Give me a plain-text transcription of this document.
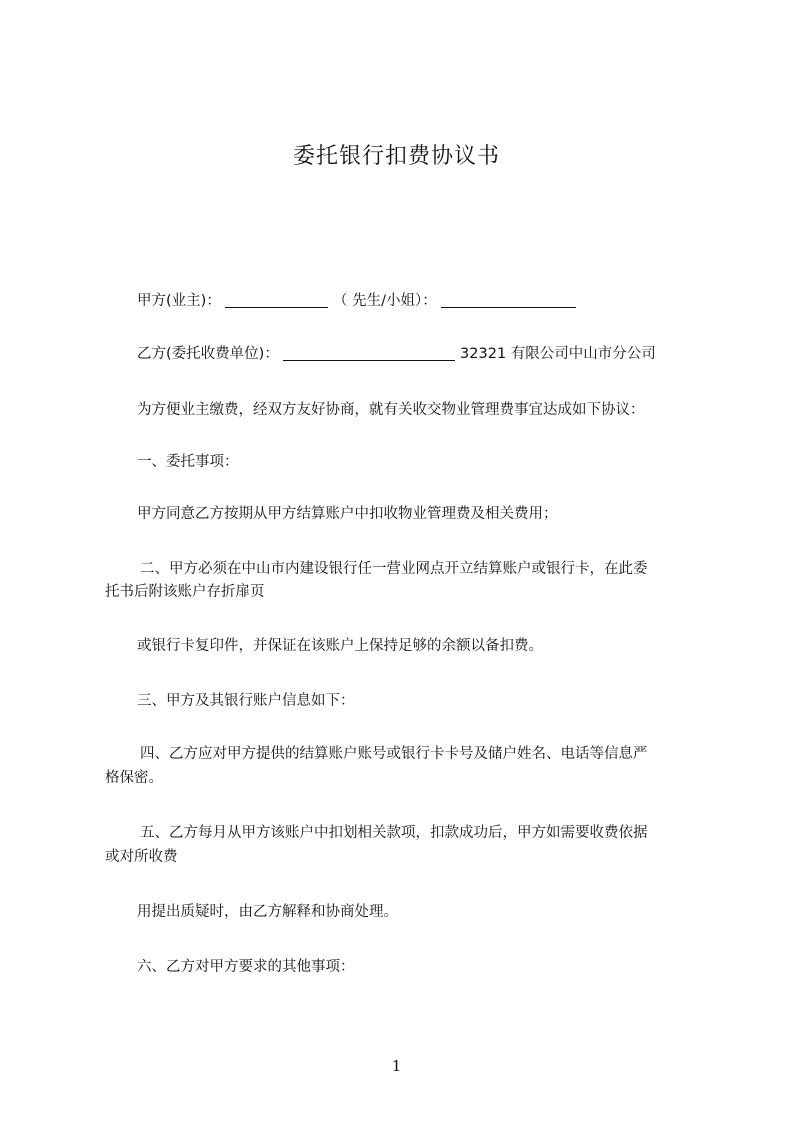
委托银行扣费协议书
甲方(业主)：	（ 先生/小姐）：
乙方(委托收费单位)：	32321 有限公司中山市分公司
为方便业主缴费，经双方友好协商，就有关收交物业管理费事宜达成如下协议：
一、委托事项：
甲方同意乙方按期从甲方结算账户中扣收物业管理费及相关费用；
二、甲方必须在中山市内建设银行任一营业网点开立结算账户或银行卡，在此委
托书后附该账户存折扉页
或银行卡复印件，并保证在该账户上保持足够的余额以备扣费。
三、甲方及其银行账户信息如下：
四、乙方应对甲方提供的结算账户账号或银行卡卡号及储户姓名、电话等信息严
格保密。
五、乙方每月从甲方该账户中扣划相关款项，扣款成功后，甲方如需要收费依据
或对所收费
用提出质疑时，由乙方解释和协商处理。
六、乙方对甲方要求的其他事项：
1
